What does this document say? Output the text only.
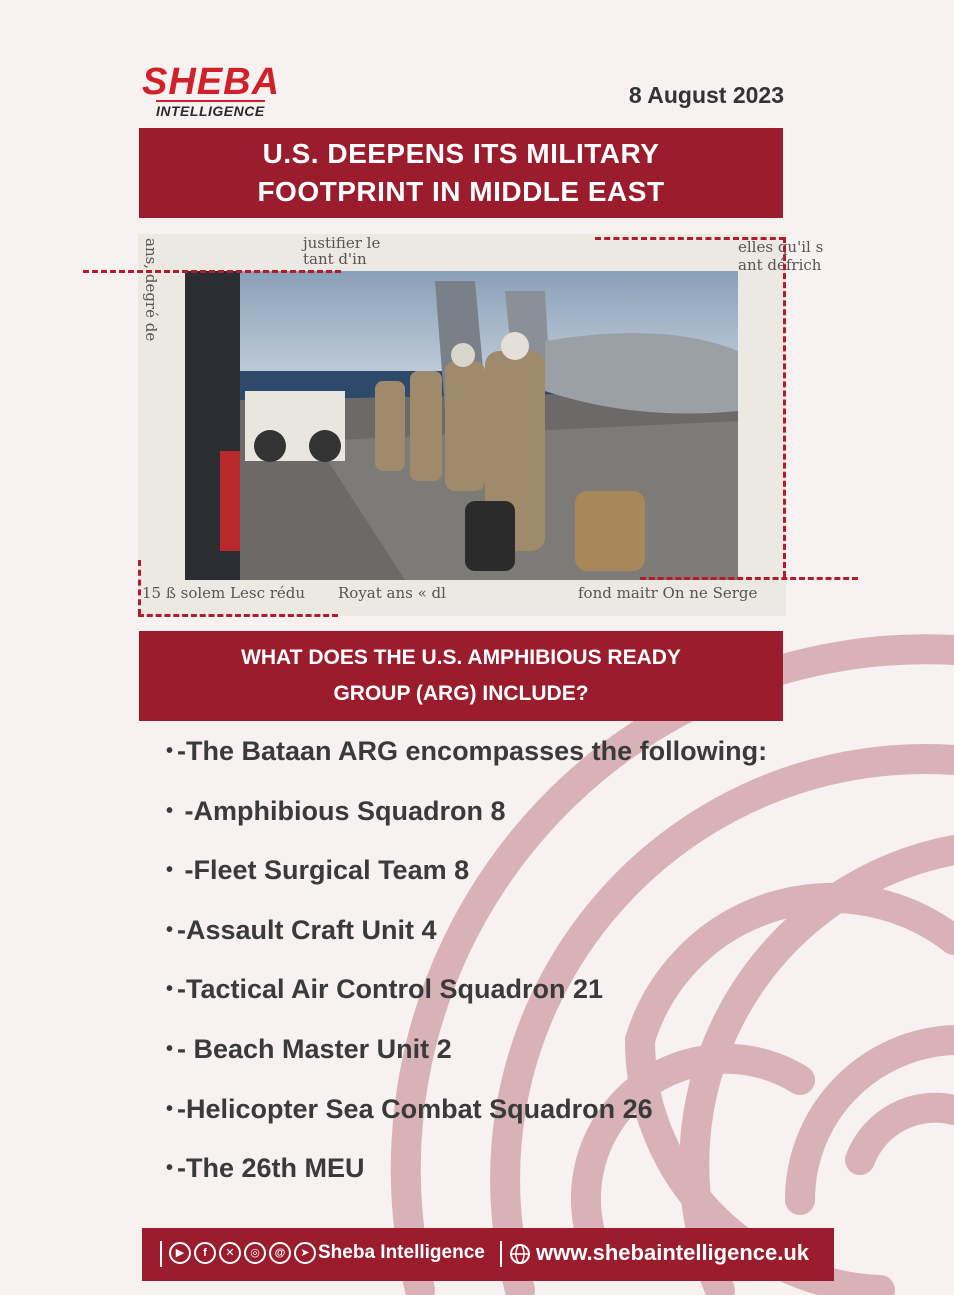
SHEBA
INTELLIGENCE
8 August 2023
U.S. DEEPENS ITS MILITARY
FOOTPRINT IN MIDDLE EAST
ans, degré de	justifier le
tant d'in
elles qu'il s
ant défrich
15 ß solem Lesc rédu Royat ans « dl	fond maitr On ne Serge
WHAT DOES THE U.S. AMPHIBIOUS READY
GROUP (ARG) INCLUDE?
• -The Bataan ARG encompasses the following:
• -Amphibious Squadron 8
• -Fleet Surgical Team 8
• -Assault Craft Unit 4
• -Tactical Air Control Squadron 21
• - Beach Master Unit 2
• -Helicopter Sea Combat Squadron 26
• -The 26th MEU
▶	f	✕	◎	@	➤ Sheba Intelligence www.shebaintelligence.uk
